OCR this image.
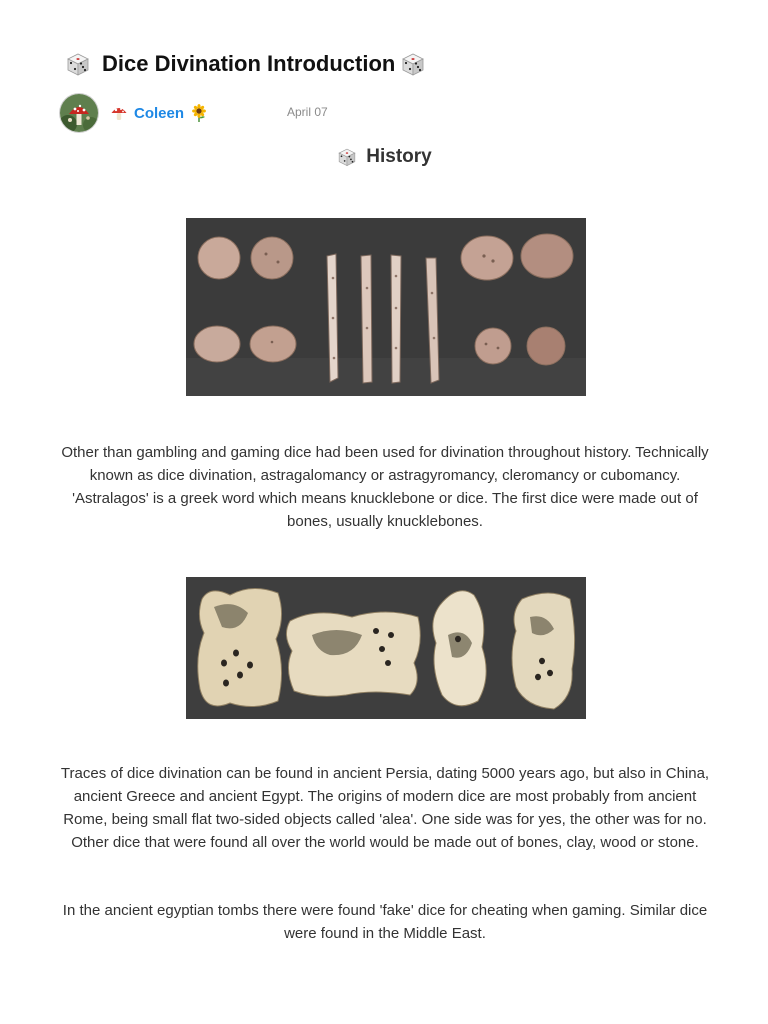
Dice Divination Introduction
Coleen	April 07
History

Other than gambling and gaming dice had been used for divination throughout history. Technically known as dice divination, astragalomancy or astragyromancy, cleromancy or cubomancy. 'Astralagos' is a greek word which means knucklebone or dice. The first dice were made out of bones, usually knucklebones.

Traces of dice divination can be found in ancient Persia, dating 5000 years ago, but also in China, ancient Greece and ancient Egypt. The origins of modern dice are most probably from ancient Rome, being small flat two-sided objects called 'alea'. One side was for yes, the other was for no. Other dice that were found all over the world would be made out of bones, clay, wood or stone.

In the ancient egyptian tombs there were found 'fake' dice for cheating when gaming. Similar dice were found in the Middle East.
